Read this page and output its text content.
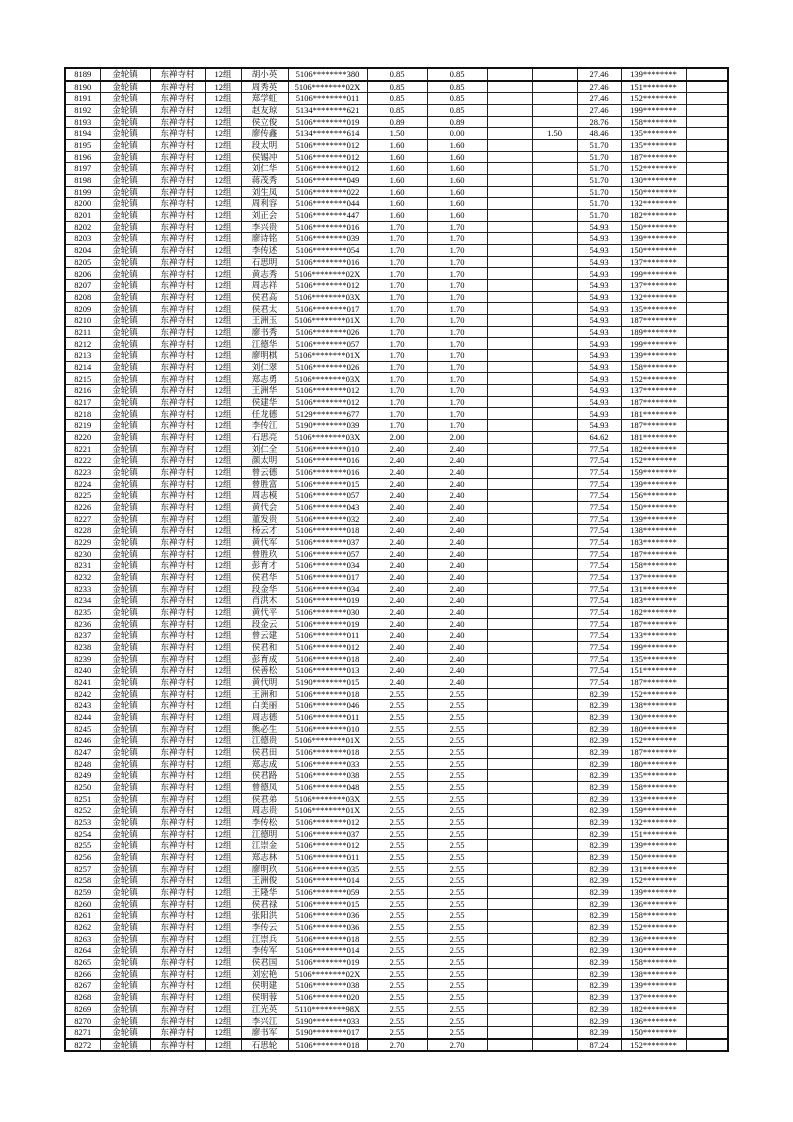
8189	金轮镇	东禅寺村	12组	胡小英	5106********380	0.85	0.85			27.46	139********	
8190	金轮镇	东禅寺村	12组	周秀英	5106********02X	0.85	0.85			27.46	151********	
8191	金轮镇	东禅寺村	12组	郑学虹	5106********011	0.85	0.85			27.46	152********	
8192	金轮镇	东禅寺村	12组	赵友琼	5134********621	0.85	0.85			27.46	199********	
8193	金轮镇	东禅寺村	12组	侯立俊	5106********019	0.89	0.89			28.76	158********	
8194	金轮镇	东禅寺村	12组	廖传鑫	5134********614	1.50	0.00		1.50	48.46	135********	
8195	金轮镇	东禅寺村	12组	段太明	5106********012	1.60	1.60			51.70	135********	
8196	金轮镇	东禅寺村	12组	侯锡冲	5106********012	1.60	1.60			51.70	187********	
8197	金轮镇	东禅寺村	12组	刘仁华	5106********012	1.60	1.60			51.70	152********	
8198	金轮镇	东禅寺村	12组	蒋茂秀	5106********049	1.60	1.60			51.70	130********	
8199	金轮镇	东禅寺村	12组	刘生凤	5106********022	1.60	1.60			51.70	150********	
8200	金轮镇	东禅寺村	12组	周利容	5106********044	1.60	1.60			51.70	132********	
8201	金轮镇	东禅寺村	12组	刘正会	5106********447	1.60	1.60			51.70	182********	
8202	金轮镇	东禅寺村	12组	李兴贵	5106********016	1.70	1.70			54.93	150********	
8203	金轮镇	东禅寺村	12组	廖诗铭	5106********039	1.70	1.70			54.93	139********	
8204	金轮镇	东禅寺村	12组	李传述	5106********054	1.70	1.70			54.93	150********	
8205	金轮镇	东禅寺村	12组	石思明	5106********016	1.70	1.70			54.93	137********	
8206	金轮镇	东禅寺村	12组	黄志秀	5106********02X	1.70	1.70			54.93	199********	
8207	金轮镇	东禅寺村	12组	周志祥	5106********012	1.70	1.70			54.93	137********	
8208	金轮镇	东禅寺村	12组	侯君高	5106********03X	1.70	1.70			54.93	132********	
8209	金轮镇	东禅寺村	12组	侯君太	5106********017	1.70	1.70			54.93	135********	
8210	金轮镇	东禅寺村	12组	王洲玉	5106********01X	1.70	1.70			54.93	187********	
8211	金轮镇	东禅寺村	12组	廖书秀	5106********026	1.70	1.70			54.93	189********	
8212	金轮镇	东禅寺村	12组	江德华	5106********057	1.70	1.70			54.93	199********	
8213	金轮镇	东禅寺村	12组	廖明棋	5106********01X	1.70	1.70			54.93	139********	
8214	金轮镇	东禅寺村	12组	刘仁翠	5106********026	1.70	1.70			54.93	158********	
8215	金轮镇	东禅寺村	12组	郑志勇	5106********03X	1.70	1.70			54.93	152********	
8216	金轮镇	东禅寺村	12组	王洲华	5106********012	1.70	1.70			54.93	137********	
8217	金轮镇	东禅寺村	12组	侯建华	5106********012	1.70	1.70			54.93	187********	
8218	金轮镇	东禅寺村	12组	任龙德	5129********677	1.70	1.70			54.93	181********	
8219	金轮镇	东禅寺村	12组	李传江	5190********039	1.70	1.70			54.93	187********	
8220	金轮镇	东禅寺村	12组	石思亮	5106********03X	2.00	2.00			64.62	181********	
8221	金轮镇	东禅寺村	12组	刘仁全	5106********010	2.40	2.40			77.54	182********	
8222	金轮镇	东禅寺村	12组	颜太明	5106********016	2.40	2.40			77.54	152********	
8223	金轮镇	东禅寺村	12组	曾云德	5106********016	2.40	2.40			77.54	159********	
8224	金轮镇	东禅寺村	12组	曾胜富	5106********015	2.40	2.40			77.54	139********	
8225	金轮镇	东禅寺村	12组	周志模	5106********057	2.40	2.40			77.54	156********	
8226	金轮镇	东禅寺村	12组	黄代会	5106********043	2.40	2.40			77.54	150********	
8227	金轮镇	东禅寺村	12组	董发贵	5106********032	2.40	2.40			77.54	139********	
8228	金轮镇	东禅寺村	12组	杨云才	5106********018	2.40	2.40			77.54	138********	
8229	金轮镇	东禅寺村	12组	黄代军	5106********037	2.40	2.40			77.54	183********	
8230	金轮镇	东禅寺村	12组	曾胜玖	5106********057	2.40	2.40			77.54	187********	
8231	金轮镇	东禅寺村	12组	彭育才	5106********034	2.40	2.40			77.54	158********	
8232	金轮镇	东禅寺村	12组	侯君华	5106********017	2.40	2.40			77.54	137********	
8233	金轮镇	东禅寺村	12组	段金华	5106********034	2.40	2.40			77.54	131********	
8234	金轮镇	东禅寺村	12组	肖洪木	5106********019	2.40	2.40			77.54	183********	
8235	金轮镇	东禅寺村	12组	黄代平	5106********030	2.40	2.40			77.54	182********	
8236	金轮镇	东禅寺村	12组	段金云	5106********019	2.40	2.40			77.54	187********	
8237	金轮镇	东禅寺村	12组	曾云建	5106********011	2.40	2.40			77.54	133********	
8238	金轮镇	东禅寺村	12组	侯君和	5106********012	2.40	2.40			77.54	199********	
8239	金轮镇	东禅寺村	12组	彭育成	5106********018	2.40	2.40			77.54	135********	
8240	金轮镇	东禅寺村	12组	侯善松	5106********013	2.40	2.40			77.54	151********	
8241	金轮镇	东禅寺村	12组	黄代明	5190********015	2.40	2.40			77.54	187********	
8242	金轮镇	东禅寺村	12组	王洲和	5106********018	2.55	2.55			82.39	152********	
8243	金轮镇	东禅寺村	12组	白美丽	5106********046	2.55	2.55			82.39	138********	
8244	金轮镇	东禅寺村	12组	周志德	5106********011	2.55	2.55			82.39	130********	
8245	金轮镇	东禅寺村	12组	熊必生	5106********010	2.55	2.55			82.39	180********	
8246	金轮镇	东禅寺村	12组	江德贵	5106********01X	2.55	2.55			82.39	152********	
8247	金轮镇	东禅寺村	12组	侯君田	5106********018	2.55	2.55			82.39	187********	
8248	金轮镇	东禅寺村	12组	郑志成	5106********033	2.55	2.55			82.39	180********	
8249	金轮镇	东禅寺村	12组	侯君路	5106********038	2.55	2.55			82.39	135********	
8250	金轮镇	东禅寺村	12组	曾德凤	5106********048	2.55	2.55			82.39	158********	
8251	金轮镇	东禅寺村	12组	侯君弟	5106********03X	2.55	2.55			82.39	133********	
8252	金轮镇	东禅寺村	12组	周志贵	5106********01X	2.55	2.55			82.39	159********	
8253	金轮镇	东禅寺村	12组	李传松	5106********012	2.55	2.55			82.39	132********	
8254	金轮镇	东禅寺村	12组	江德明	5106********037	2.55	2.55			82.39	151********	
8255	金轮镇	东禅寺村	12组	江崇金	5106********012	2.55	2.55			82.39	139********	
8256	金轮镇	东禅寺村	12组	郑志林	5106********011	2.55	2.55			82.39	150********	
8257	金轮镇	东禅寺村	12组	廖明玖	5106********035	2.55	2.55			82.39	131********	
8258	金轮镇	东禅寺村	12组	王洲俊	5106********014	2.55	2.55			82.39	152********	
8259	金轮镇	东禅寺村	12组	王隆华	5106********059	2.55	2.55			82.39	139********	
8260	金轮镇	东禅寺村	12组	侯君禄	5106********015	2.55	2.55			82.39	136********	
8261	金轮镇	东禅寺村	12组	张阳洪	5106********036	2.55	2.55			82.39	158********	
8262	金轮镇	东禅寺村	12组	李传云	5106********036	2.55	2.55			82.39	152********	
8263	金轮镇	东禅寺村	12组	江崇兵	5106********018	2.55	2.55			82.39	136********	
8264	金轮镇	东禅寺村	12组	李传军	5106********014	2.55	2.55			82.39	130********	
8265	金轮镇	东禅寺村	12组	侯君国	5106********019	2.55	2.55			82.39	158********	
8266	金轮镇	东禅寺村	12组	刘宏艳	5106********02X	2.55	2.55			82.39	138********	
8267	金轮镇	东禅寺村	12组	侯明建	5106********038	2.55	2.55			82.39	139********	
8268	金轮镇	东禅寺村	12组	侯明蓉	5106********020	2.55	2.55			82.39	137********	
8269	金轮镇	东禅寺村	12组	江光英	5110********98X	2.55	2.55			82.39	182********	
8270	金轮镇	东禅寺村	12组	李兴江	5190********033	2.55	2.55			82.39	136********	
8271	金轮镇	东禅寺村	12组	廖书军	5190********017	2.55	2.55			82.39	150********	
8272	金轮镇	东禅寺村	12组	石思轮	5106********018	2.70	2.70			87.24	152********	
